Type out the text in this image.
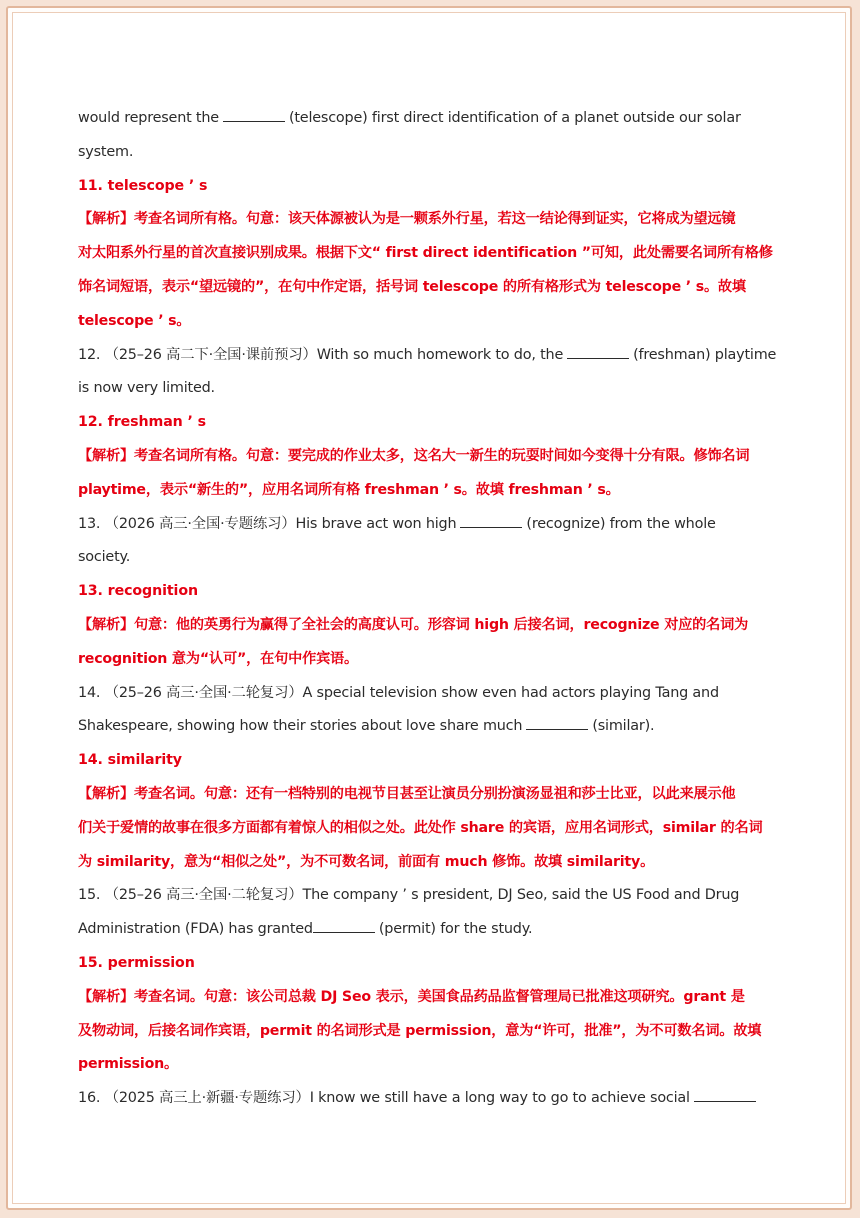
would represent the	(telescope) first direct identification of a planet outside our solar
system.
11. telescope ’ s
【解析】考查名词所有格。句意：该天体源被认为是一颗系外行星，若这一结论得到证实，它将成为望远镜
对太阳系外行星的首次直接识别成果。根据下文“ first direct identification ”可知，此处需要名词所有格修
饰名词短语，表示“望远镜的”，在句中作定语，括号词 telescope 的所有格形式为 telescope ’ s。故填
telescope ’ s。
12. （25–26 高二下·全国·课前预习）With so much homework to do, the	(freshman) playtime
is now very limited.
12. freshman ’ s
【解析】考查名词所有格。句意：要完成的作业太多，这名大一新生的玩耍时间如今变得十分有限。修饰名词
playtime，表示“新生的”，应用名词所有格 freshman ’ s。故填 freshman ’ s。
13. （2026 高三·全国·专题练习）His brave act won high	(recognize) from the whole
society.
13. recognition
【解析】句意：他的英勇行为赢得了全社会的高度认可。形容词 high 后接名词，recognize 对应的名词为
recognition 意为“认可”，在句中作宾语。
14. （25–26 高三·全国·二轮复习）A special television show even had actors playing Tang and
Shakespeare, showing how their stories about love share much	(similar).
14. similarity
【解析】考查名词。句意：还有一档特别的电视节目甚至让演员分别扮演汤显祖和莎士比亚，以此来展示他
们关于爱情的故事在很多方面都有着惊人的相似之处。此处作 share 的宾语，应用名词形式，similar 的名词
为 similarity，意为“相似之处”，为不可数名词，前面有 much 修饰。故填 similarity。
15. （25–26 高三·全国·二轮复习）The company ’ s president, DJ Seo, said the US Food and Drug
Administration (FDA) has granted	(permit) for the study.
15. permission
【解析】考查名词。句意：该公司总裁 DJ Seo 表示，美国食品药品监督管理局已批准这项研究。grant 是
及物动词，后接名词作宾语，permit 的名词形式是 permission，意为“许可，批准”，为不可数名词。故填
permission。
16. （2025 高三上·新疆·专题练习）I know we still have a long way to go to achieve social
